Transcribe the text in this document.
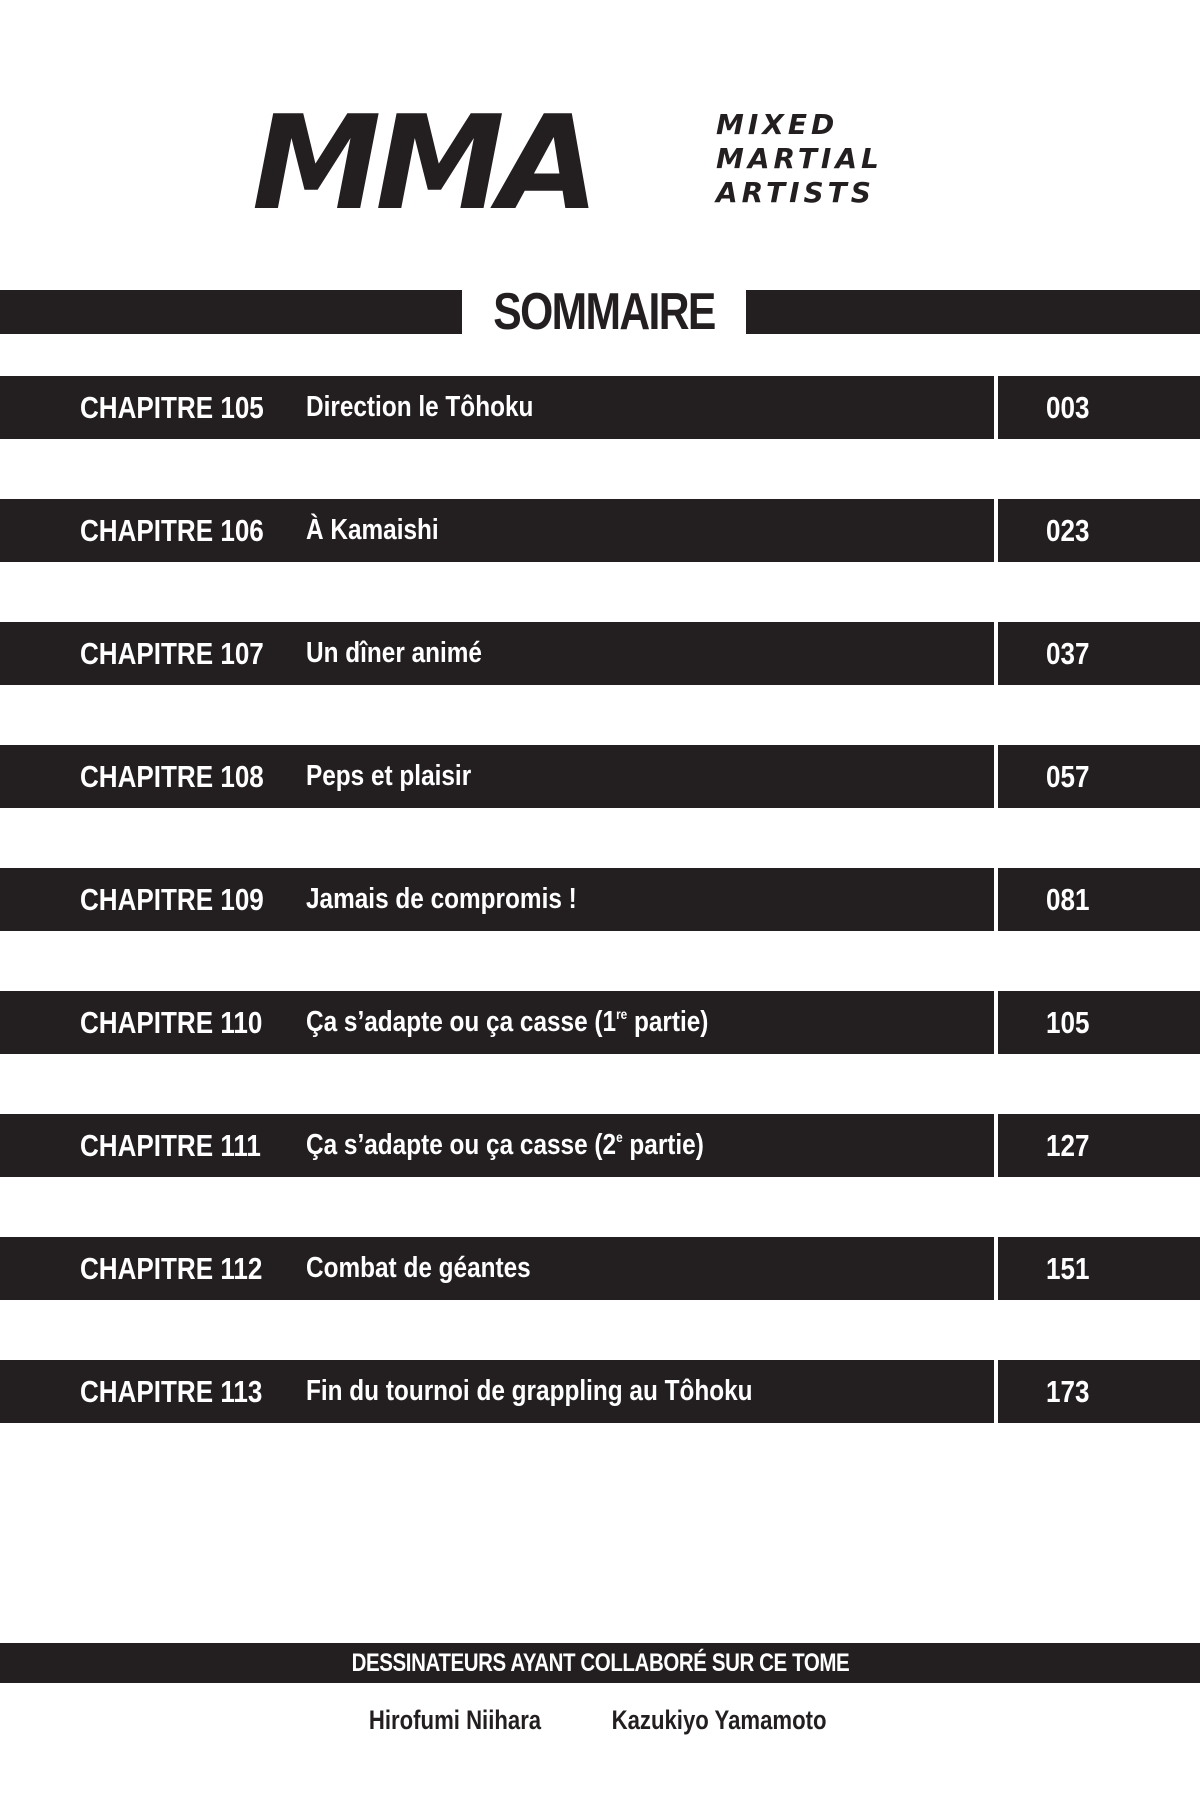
MMA	MIXED
MARTIAL
ARTISTS
SOMMAIRE
CHAPITRE 105 Direction le Tôhoku	003
CHAPITRE 106 À Kamaishi	023
CHAPITRE 107 Un dîner animé	037
CHAPITRE 108 Peps et plaisir	057
CHAPITRE 109 Jamais de compromis !	081
CHAPITRE 110 Ça s’adapte ou ça casse (1re partie)	105
CHAPITRE 111 Ça s’adapte ou ça casse (2e partie)	127
CHAPITRE 112 Combat de géantes	151
CHAPITRE 113 Fin du tournoi de grappling au Tôhoku	173
DESSINATEURS AYANT COLLABORÉ SUR CE TOME
Hirofumi Niihara	Kazukiyo Yamamoto
